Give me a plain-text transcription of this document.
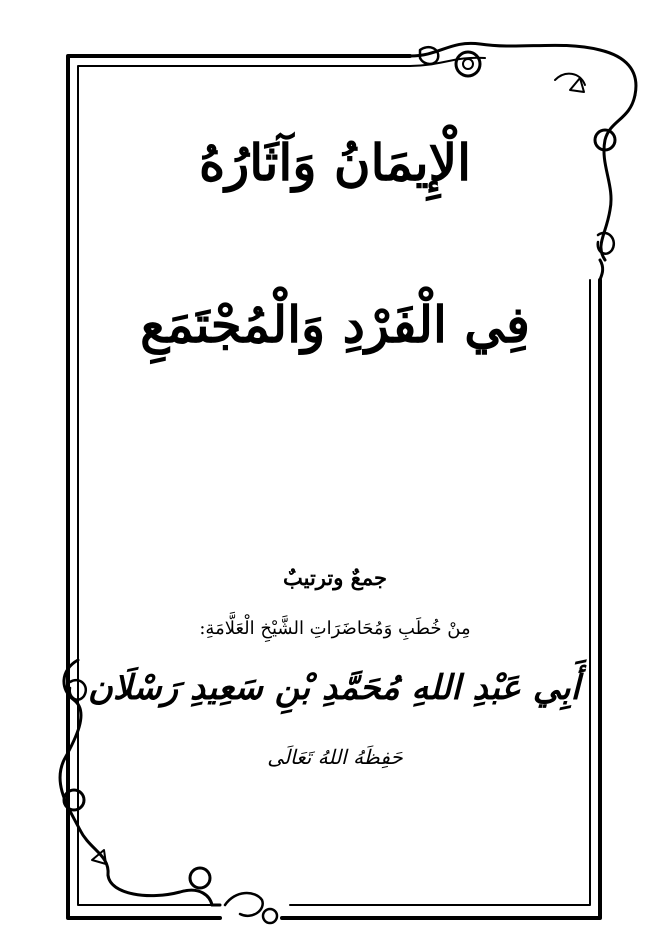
الْإِيمَانُ وَآثَارُهُ
فِي الْفَرْدِ وَالْمُجْتَمَعِ
جمعٌ وترتيبٌ
مِنْ خُطَبِ وَمُحَاضَرَاتِ الشَّيْخِ الْعَلَّامَةِ:
أَبِي عَبْدِ اللهِ مُحَمَّدِ بْنِ سَعِيدِ رَسْلَان
حَفِظَهُ اللهُ تَعَالَى
